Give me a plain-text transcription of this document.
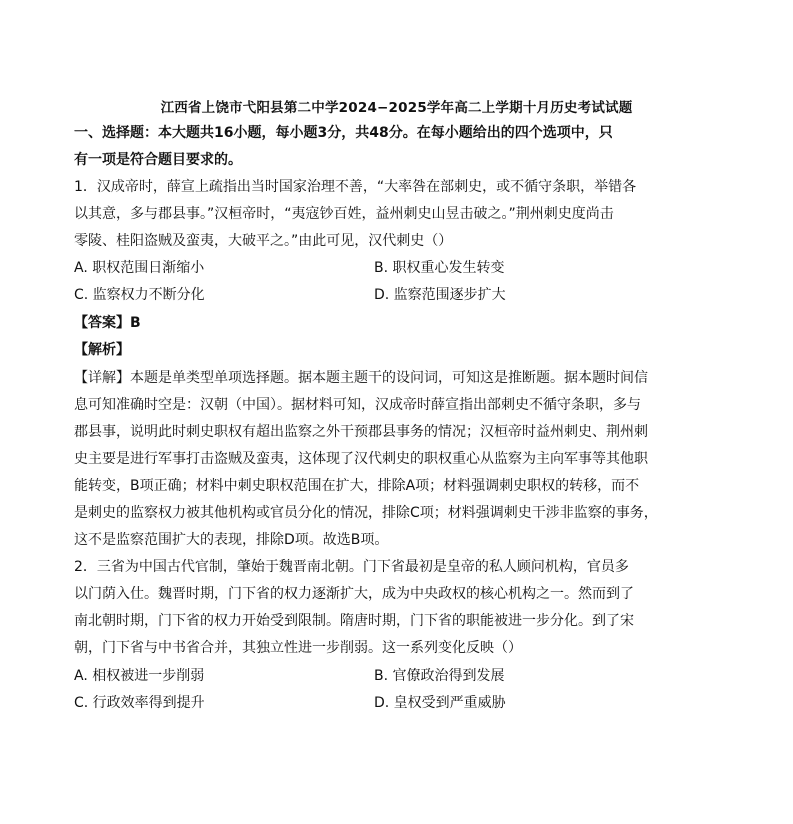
江西省上饶市弋阳县第二中学2024−2025学年高二上学期十月历史考试试题
一、选择题：本大题共16小题，每小题3分，共48分。在每小题给出的四个选项中，只
有一项是符合题目要求的。
1．汉成帝时，薛宣上疏指出当时国家治理不善，“大率咎在部刺史，或不循守条职，举错各
以其意，多与郡县事。”汉桓帝时，“夷寇钞百姓，益州刺史山昱击破之。”荆州刺史度尚击
零陵、桂阳盗贼及蛮夷，大破平之。”由此可见，汉代刺史（）
A. 职权范围日渐缩小	B. 职权重心发生转变
C. 监察权力不断分化	D. 监察范围逐步扩大
【答案】B
【解析】
【详解】本题是单类型单项选择题。据本题主题干的设问词，可知这是推断题。据本题时间信
息可知准确时空是：汉朝（中国）。据材料可知，汉成帝时薛宣指出部刺史不循守条职，多与
郡县事，说明此时刺史职权有超出监察之外干预郡县事务的情况；汉桓帝时益州刺史、荆州刺
史主要是进行军事打击盗贼及蛮夷，这体现了汉代刺史的职权重心从监察为主向军事等其他职
能转变，B项正确；材料中刺史职权范围在扩大，排除A项；材料强调刺史职权的转移，而不
是刺史的监察权力被其他机构或官员分化的情况，排除C项；材料强调刺史干涉非监察的事务，
这不是监察范围扩大的表现，排除D项。故选B项。
2．三省为中国古代官制，肇始于魏晋南北朝。门下省最初是皇帝的私人顾问机构，官员多
以门荫入仕。魏晋时期，门下省的权力逐渐扩大，成为中央政权的核心机构之一。然而到了
南北朝时期，门下省的权力开始受到限制。隋唐时期，门下省的职能被进一步分化。到了宋
朝，门下省与中书省合并，其独立性进一步削弱。这一系列变化反映（）
A. 相权被进一步削弱	B. 官僚政治得到发展
C. 行政效率得到提升	D. 皇权受到严重威胁
